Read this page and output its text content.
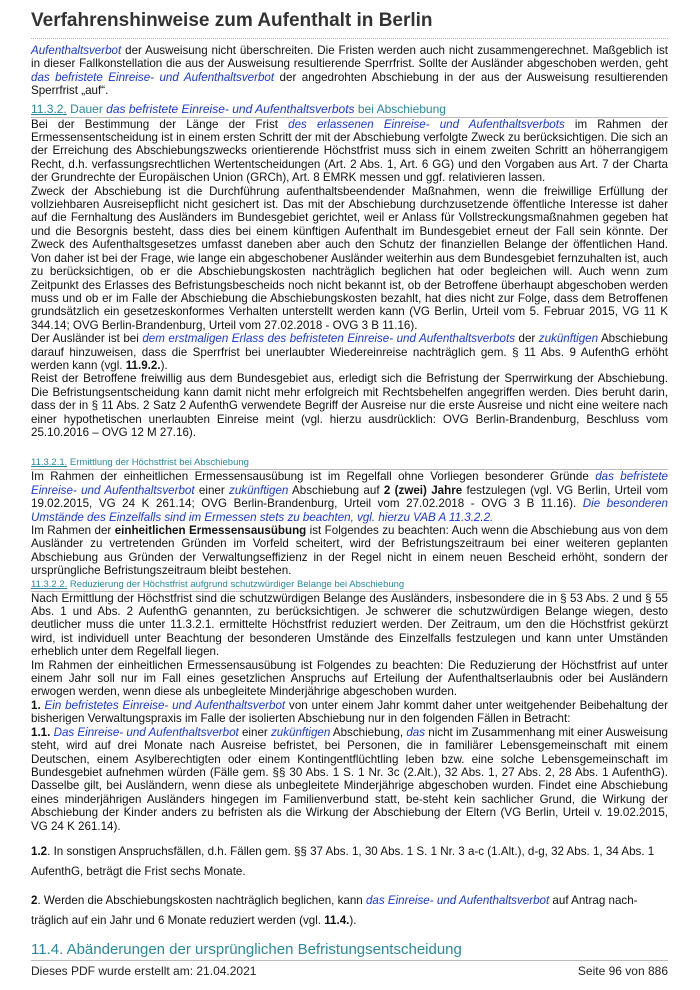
Verfahrenshinweise zum Aufenthalt in Berlin

Aufenthaltsverbot der Ausweisung nicht überschreiten. Die Fristen werden auch nicht zusammengerechnet. Maßgeblich ist in dieser Fallkonstellation die aus der Ausweisung resultierende Sperrfrist. Sollte der Ausländer abgeschoben werden, geht das befristete Einreise- und Aufenthaltsverbot der angedrohten Abschiebung in der aus der Ausweisung resultierenden Sperrfrist „auf“.

11.3.2. Dauer das befristete Einreise- und Aufenthaltsverbots bei Abschiebung

Bei der Bestimmung der Länge der Frist des erlassenen Einreise- und Aufenthaltsverbots im Rahmen der Ermessensentscheidung ist in einem ersten Schritt der mit der Abschiebung verfolgte Zweck zu berücksichtigen. Die sich an der Erreichung des Abschiebungszwecks orientierende Höchstfrist muss sich in einem zweiten Schritt an höherrangigem Recht, d.h. verfassungsrechtlichen Wertentscheidungen (Art. 2 Abs. 1, Art. 6 GG) und den Vorgaben aus Art. 7 der Charta der Grundrechte der Europäischen Union (GRCh), Art. 8 EMRK messen und ggf. relativieren lassen.

Zweck der Abschiebung ist die Durchführung aufenthaltsbeendender Maßnahmen, wenn die freiwillige Erfüllung der vollziehbaren Ausreisepflicht nicht gesichert ist. Das mit der Abschiebung durchzusetzende öffentliche Interesse ist daher auf die Fernhaltung des Ausländers im Bundesgebiet gerichtet, weil er Anlass für Vollstreckungsmaßnahmen gegeben hat und die Besorgnis besteht, dass dies bei einem künftigen Aufenthalt im Bundesgebiet erneut der Fall sein könnte. Der Zweck des Aufenthaltsgesetzes umfasst daneben aber auch den Schutz der finanziellen Belange der öffentlichen Hand. Von daher ist bei der Frage, wie lange ein abgeschobener Ausländer weiterhin aus dem Bundesgebiet fernzuhalten ist, auch zu berücksichtigen, ob er die Abschiebungskosten nachträglich beglichen hat oder begleichen will. Auch wenn zum Zeitpunkt des Erlasses des Befristungsbescheids noch nicht bekannt ist, ob der Betroffene überhaupt abgeschoben werden muss und ob er im Falle der Abschiebung die Abschiebungskosten bezahlt, hat dies nicht zur Folge, dass dem Betroffenen grundsätzlich ein gesetzeskonformes Verhalten unterstellt werden kann (VG Berlin, Urteil vom 5. Februar 2015, VG 11 K 344.14; OVG Berlin-Brandenburg, Urteil vom 27.02.2018 - OVG 3 B 11.16).

Der Ausländer ist bei dem erstmaligen Erlass des befristeten Einreise- und Aufenthaltsverbots der zukünftigen Abschiebung darauf hinzuweisen, dass die Sperrfrist bei unerlaubter Wiedereinreise nachträglich gem. § 11 Abs. 9 AufenthG erhöht werden kann (vgl. 11.9.2.).

Reist der Betroffene freiwillig aus dem Bundesgebiet aus, erledigt sich die Befristung der Sperrwirkung der Abschiebung. Die Befristungsentscheidung kann damit nicht mehr erfolgreich mit Rechtsbehelfen angegriffen werden. Dies beruht darin, dass der in § 11 Abs. 2 Satz 2 AufenthG verwendete Begriff der Ausreise nur die erste Ausreise und nicht eine weitere nach einer hypothetischen unerlaubten Einreise meint (vgl. hierzu ausdrücklich: OVG Berlin-Brandenburg, Beschluss vom 25.10.2016 – OVG 12 M 27.16).

11.3.2.1. Ermittlung der Höchstfrist bei Abschiebung

Im Rahmen der einheitlichen Ermessensausübung ist im Regelfall ohne Vorliegen besonderer Gründe das befristete Einreise- und Aufenthaltsverbot einer zukünftigen Abschiebung auf 2 (zwei) Jahre festzulegen (vgl. VG Berlin, Urteil vom 19.02.2015, VG 24 K 261.14; OVG Berlin-Brandenburg, Urteil vom 27.02.2018 - OVG 3 B 11.16). Die besonderen Umstände des Einzelfalls sind im Ermessen stets zu beachten, vgl. hierzu VAB A 11.3.2.2.

Im Rahmen der einheitlichen Ermessensausübung ist Folgendes zu beachten: Auch wenn die Abschiebung aus von dem Ausländer zu vertretenden Gründen im Vorfeld scheitert, wird der Befristungszeitraum bei einer weiteren geplanten Abschiebung aus Gründen der Verwaltungseffizienz in der Regel nicht in einem neuen Bescheid erhöht, sondern der ursprüngliche Befristungszeitraum bleibt bestehen.

11.3.2.2. Reduzierung der Höchstfrist aufgrund schutzwürdiger Belange bei Abschiebung

Nach Ermittlung der Höchstfrist sind die schutzwürdigen Belange des Ausländers, insbesondere die in § 53 Abs. 2 und § 55 Abs. 1 und Abs. 2 AufenthG genannten, zu berücksichtigen. Je schwerer die schutzwürdigen Belange wiegen, desto deutlicher muss die unter 11.3.2.1. ermittelte Höchstfrist reduziert werden. Der Zeitraum, um den die Höchstfrist gekürzt wird, ist individuell unter Beachtung der besonderen Umstände des Einzelfalls festzulegen und kann unter Umständen erheblich unter dem Regelfall liegen.

Im Rahmen der einheitlichen Ermessensausübung ist Folgendes zu beachten: Die Reduzierung der Höchstfrist auf unter einem Jahr soll nur im Fall eines gesetzlichen Anspruchs auf Erteilung der Aufenthaltserlaubnis oder bei Ausländern erwogen werden, wenn diese als unbegleitete Minderjährige abgeschoben wurden.

1. Ein befristetes Einreise- und Aufenthaltsverbot von unter einem Jahr kommt daher unter weitgehender Beibehaltung der bisherigen Verwaltungspraxis im Falle der isolierten Abschiebung nur in den folgenden Fällen in Betracht:

1.1. Das Einreise- und Aufenthaltsverbot einer zukünftigen Abschiebung, das nicht im Zusammenhang mit einer Ausweisung steht, wird auf drei Monate nach Ausreise befristet, bei Personen, die in familiärer Lebensgemeinschaft mit einem Deutschen, einem Asylberechtigten oder einem Kontingentflüchtling leben bzw. eine solche Lebensgemeinschaft im Bundesgebiet aufnehmen würden (Fälle gem. §§ 30 Abs. 1 S. 1 Nr. 3c (2.Alt.), 32 Abs. 1, 27 Abs. 2, 28 Abs. 1 AufenthG). Dasselbe gilt, bei Ausländern, wenn diese als unbegleitete Minderjährige abgeschoben wurden. Findet eine Abschiebung eines minderjährigen Ausländers hingegen im Familienverbund statt, be-steht kein sachlicher Grund, die Wirkung der Abschiebung der Kinder anders zu befristen als die Wirkung der Abschiebung der Eltern (VG Berlin, Urteil v. 19.02.2015, VG 24 K 261.14).

1.2. In sonstigen Anspruchsfällen, d.h. Fällen gem. §§ 37 Abs. 1, 30 Abs. 1 S. 1 Nr. 3 a-c (1.Alt.), d-g, 32 Abs. 1, 34 Abs. 1 AufenthG, beträgt die Frist sechs Monate.

2. Werden die Abschiebungskosten nachträglich beglichen, kann das Einreise- und Aufenthaltsverbot auf Antrag nach-träglich auf ein Jahr und 6 Monate reduziert werden (vgl. 11.4.).

11.4. Abänderungen der ursprünglichen Befristungsentscheidung

Dieses PDF wurde erstellt am: 21.04.2021	Seite 96 von 886
